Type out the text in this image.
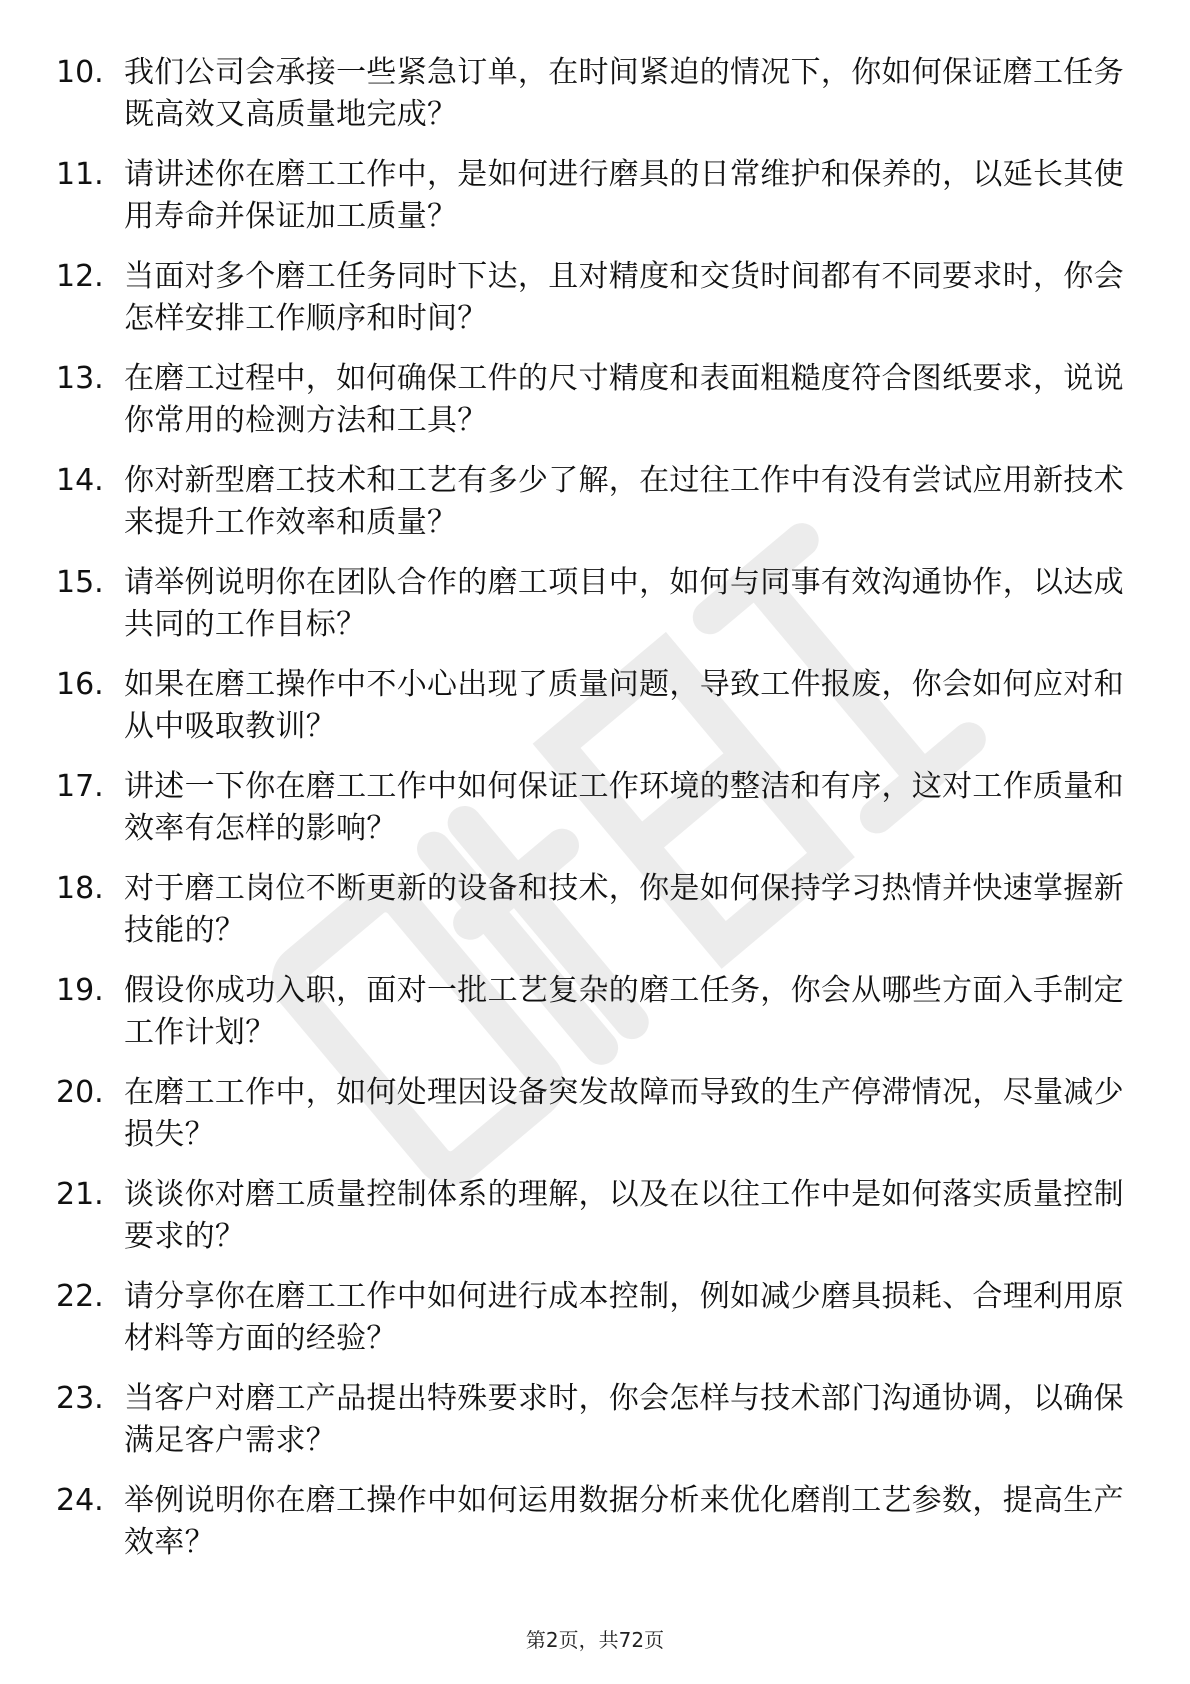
10. 我们公司会承接一些紧急订单，在时间紧迫的情况下，你如何保证磨工任务既高效又高质量地完成？
11. 请讲述你在磨工工作中，是如何进行磨具的日常维护和保养的，以延长其使用寿命并保证加工质量？
12. 当面对多个磨工任务同时下达，且对精度和交货时间都有不同要求时，你会怎样安排工作顺序和时间？
13. 在磨工过程中，如何确保工件的尺寸精度和表面粗糙度符合图纸要求，说说你常用的检测方法和工具？
14. 你对新型磨工技术和工艺有多少了解，在过往工作中有没有尝试应用新技术来提升工作效率和质量？
15. 请举例说明你在团队合作的磨工项目中，如何与同事有效沟通协作，以达成共同的工作目标？
16. 如果在磨工操作中不小心出现了质量问题，导致工件报废，你会如何应对和从中吸取教训？
17. 讲述一下你在磨工工作中如何保证工作环境的整洁和有序，这对工作质量和效率有怎样的影响？
18. 对于磨工岗位不断更新的设备和技术，你是如何保持学习热情并快速掌握新技能的？
19. 假设你成功入职，面对一批工艺复杂的磨工任务，你会从哪些方面入手制定工作计划？
20. 在磨工工作中，如何处理因设备突发故障而导致的生产停滞情况，尽量减少损失？
21. 谈谈你对磨工质量控制体系的理解，以及在以往工作中是如何落实质量控制要求的？
22. 请分享你在磨工工作中如何进行成本控制，例如减少磨具损耗、合理利用原材料等方面的经验？
23. 当客户对磨工产品提出特殊要求时，你会怎样与技术部门沟通协调，以确保满足客户需求？
24. 举例说明你在磨工操作中如何运用数据分析来优化磨削工艺参数，提高生产效率？
第2页，共72页
